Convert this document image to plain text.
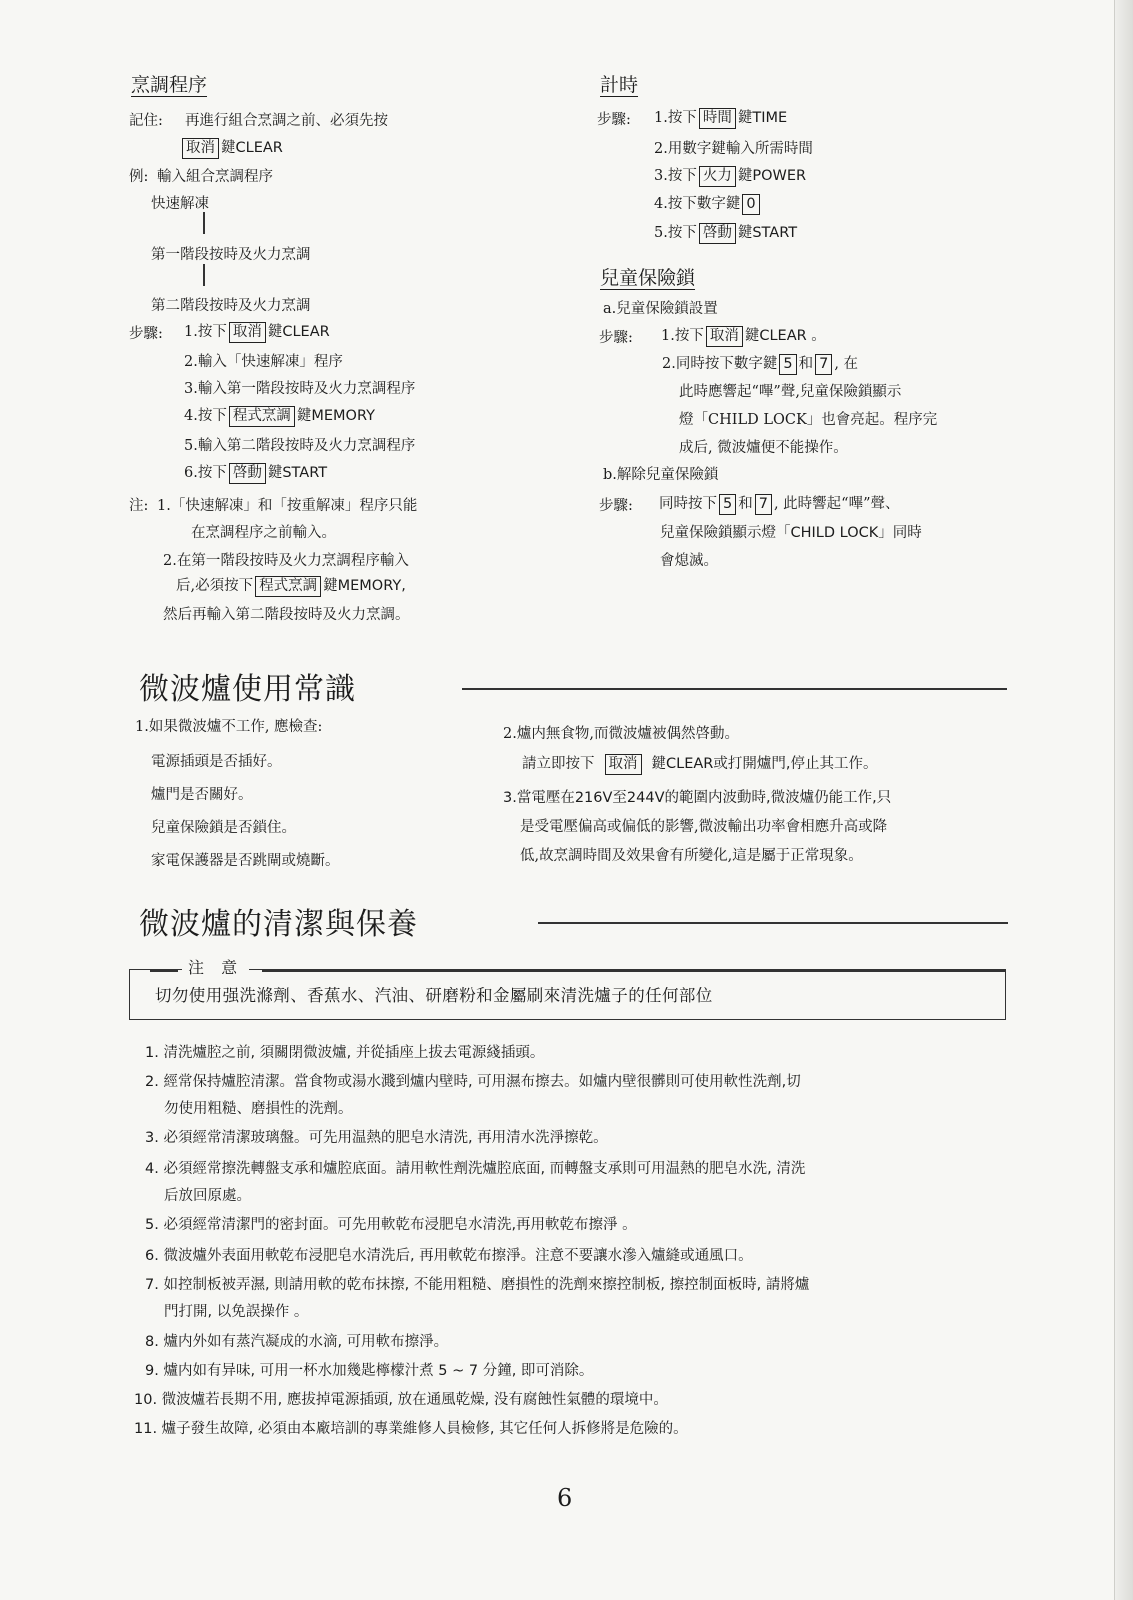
烹調程序
記住: 再進行組合烹調之前、必須先按
取消 鍵CLEAR
例: 輸入組合烹調程序
快速解凍
第一階段按時及火力烹調
第二階段按時及火力烹調
步驟: 1.按下 取消 鍵CLEAR
2.輸入「快速解凍」程序
3.輸入第一階段按時及火力烹調程序
4.按下 程式烹調 鍵MEMORY
5.輸入第二階段按時及火力烹調程序
6.按下 啓動 鍵START
注: 1.「快速解凍」和「按重解凍」程序只能
在烹調程序之前輸入。
2.在第一階段按時及火力烹調程序輸入
后,必須按下 程式烹調 鍵MEMORY,
然后再輸入第二階段按時及火力烹調。
計時
步驟: 1.按下 時間 鍵TIME
2.用數字鍵輸入所需時間
3.按下 火力 鍵POWER
4.按下數字鍵 0
5.按下 啓動 鍵START
兒童保險鎖
a.兒童保險鎖設置
步驟: 1.按下 取消 鍵CLEAR 。
2.同時按下數字鍵 5 和 7 , 在
此時應響起“嗶”聲,兒童保險鎖顯示
燈「CHILD LOCK」也會亮起。程序完
成后, 微波爐便不能操作。
b.解除兒童保險鎖
步驟: 同時按下 5 和 7 , 此時響起“嗶”聲、
兒童保險鎖顯示燈「CHILD LOCK」同時
會熄滅。
微波爐使用常識
1.如果微波爐不工作, 應檢查:
電源插頭是否插好。
爐門是否關好。
兒童保險鎖是否鎖住。
家電保護器是否跳閘或燒斷。
2.爐内無食物,而微波爐被偶然啓動。
請立即按下 取消 鍵CLEAR或打開爐門,停止其工作。
3.當電壓在216V至244V的範圍内波動時,微波爐仍能工作,只
是受電壓偏高或偏低的影響,微波輸出功率會相應升高或降
低,故烹調時間及效果會有所變化,這是屬于正常現象。
微波爐的清潔與保養
切勿使用强洗滌劑、香蕉水、汽油、研磨粉和金屬刷來清洗爐子的任何部位
注 意
1. 清洗爐腔之前, 須關閉微波爐, 并從插座上拔去電源綫插頭。
2. 經常保持爐腔清潔。當食物或湯水濺到爐内壁時, 可用濕布擦去。如爐内壁很髒則可使用軟性洗劑,切
勿使用粗糙、磨損性的洗劑。
3. 必須經常清潔玻璃盤。可先用温熱的肥皂水清洗, 再用清水洗淨擦乾。
4. 必須經常擦洗轉盤支承和爐腔底面。請用軟性劑洗爐腔底面, 而轉盤支承則可用温熱的肥皂水洗, 清洗
后放回原處。
5. 必須經常清潔門的密封面。可先用軟乾布浸肥皂水清洗,再用軟乾布擦淨 。
6. 微波爐外表面用軟乾布浸肥皂水清洗后, 再用軟乾布擦淨。注意不要讓水滲入爐縫或通風口。
7. 如控制板被弄濕, 則請用軟的乾布抹擦, 不能用粗糙、磨損性的洗劑來擦控制板, 擦控制面板時, 請將爐
門打開, 以免誤操作 。
8. 爐内外如有蒸汽凝成的水滴, 可用軟布擦淨。
9. 爐内如有异味, 可用一杯水加幾匙檸檬汁煮 5 ~ 7 分鐘, 即可消除。
10. 微波爐若長期不用, 應拔掉電源插頭, 放在通風乾燥, 没有腐蝕性氣體的環境中。
11. 爐子發生故障, 必須由本廠培訓的專業維修人員檢修, 其它任何人拆修將是危險的。
6
